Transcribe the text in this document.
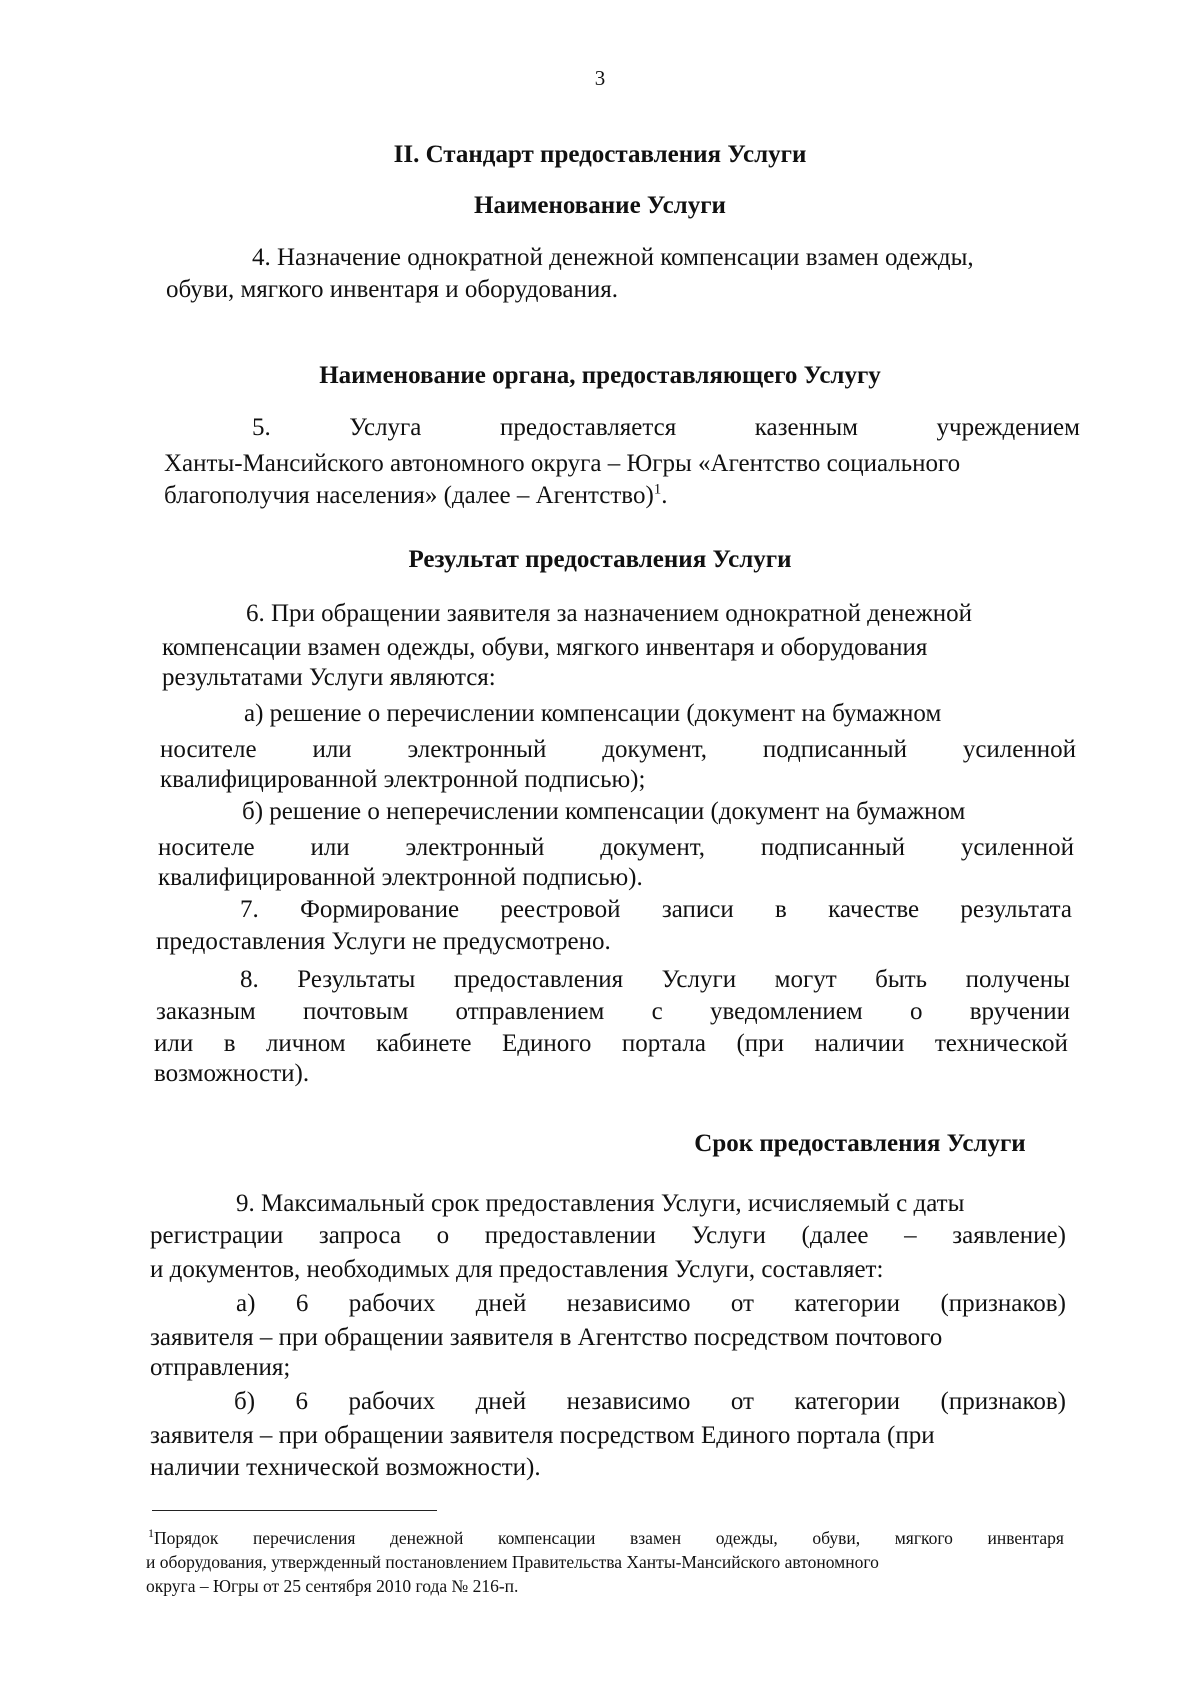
3
II. Стандарт предоставления Услуги
Наименование Услуги
4. Назначение однократной денежной компенсации взамен одежды,
обуви, мягкого инвентаря и оборудования.
Наименование органа, предоставляющего Услугу
5.	Услуга	предоставляется	казенным	учреждением
Ханты-Мансийского автономного округа – Югры «Агентство социального
благополучия населения» (далее – Агентство)$^1$.
Результат предоставления Услуги
6. При обращении заявителя за назначением однократной денежной
компенсации взамен одежды, обуви, мягкого инвентаря и оборудования
результатами Услуги являются:
а) решение о перечислении компенсации (документ на бумажном
носителе или электронный документ, подписанный усиленной
квалифицированной электронной подписью);
б) решение о неперечислении компенсации (документ на бумажном
носителе или электронный документ, подписанный усиленной
квалифицированной электронной подписью).
7. Формирование реестровой записи в качестве результата
предоставления Услуги не предусмотрено.
8. Результаты предоставления Услуги могут быть получены
заказным почтовым отправлением с уведомлением о вручении
или в личном кабинете Единого портала (при наличии технической
возможности).
Срок предоставления Услуги
9. Максимальный срок предоставления Услуги, исчисляемый с даты
регистрации запроса о предоставлении Услуги (далее – заявление)
и документов, необходимых для предоставления Услуги, составляет:
а) 6 рабочих дней независимо от категории (признаков)
заявителя – при обращении заявителя в Агентство посредством почтового
отправления;
б) 6 рабочих дней независимо от категории (признаков)
заявителя – при обращении заявителя посредством Единого портала (при
наличии технической возможности).
$^1$Порядок перечисления денежной компенсации взамен одежды, обуви, мягкого инвентаря
и оборудования, утвержденный постановлением Правительства Ханты-Мансийского автономного
округа – Югры от 25 сентября 2010 года № 216-п.
